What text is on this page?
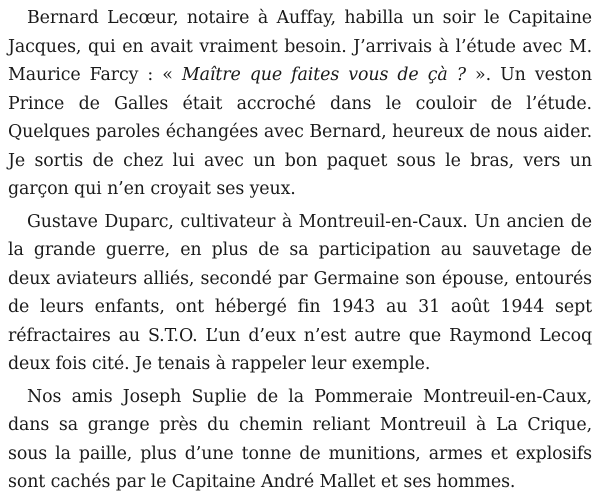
Bernard Lecœur, notaire à Auffay, habilla un soir le Capitaine Jacques, qui en avait vraiment besoin. J’arrivais à l’étude avec M. Maurice Farcy : « Maître que faites vous de çà ? ». Un veston Prince de Galles était accroché dans le couloir de l’étude. Quelques paroles échangées avec Bernard, heureux de nous aider. Je sortis de chez lui avec un bon paquet sous le bras, vers un garçon qui n’en croyait ses yeux.

Gustave Duparc, cultivateur à Montreuil-en-Caux. Un ancien de la grande guerre, en plus de sa participation au sauvetage de deux aviateurs alliés, secondé par Germaine son épouse, entourés de leurs enfants, ont hébergé fin 1943 au 31 août 1944 sept réfractaires au S.T.O. L’un d’eux n’est autre que Raymond Lecoq deux fois cité. Je tenais à rappeler leur exemple.

Nos amis Joseph Suplie de la Pommeraie Montreuil-en-Caux, dans sa grange près du chemin reliant Montreuil à La Crique, sous la paille, plus d’une tonne de munitions, armes et explosifs sont cachés par le Capitaine André Mallet et ses hommes.
